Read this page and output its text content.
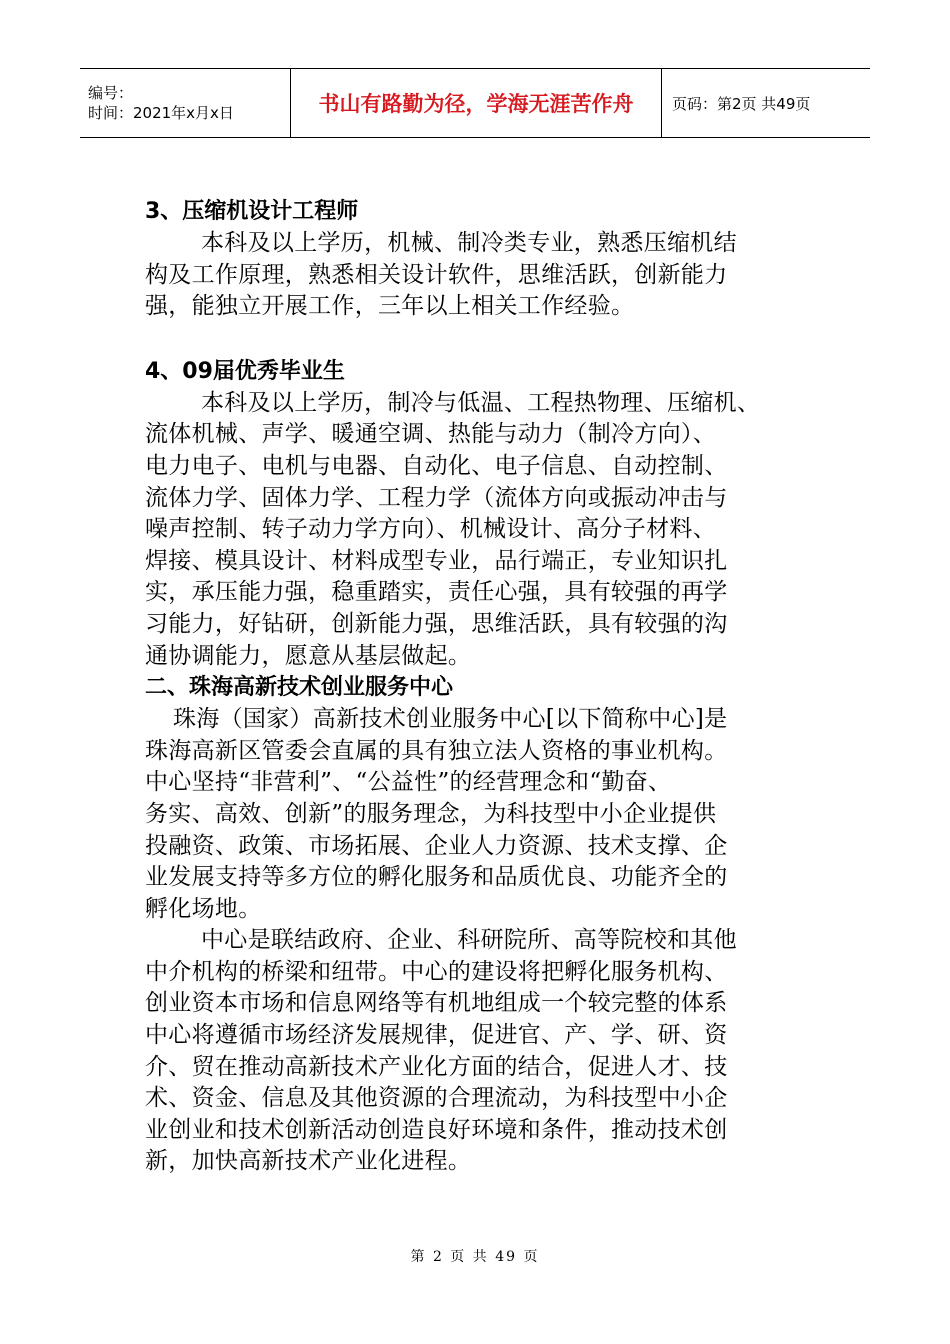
编号：
时间：2021年x月x日	书山有路勤为径，学海无涯苦作舟	页码：第2页 共49页

3、压缩机设计工程师

本科及以上学历，机械、制冷类专业，熟悉压缩机结
构及工作原理，熟悉相关设计软件，思维活跃，创新能力
强，能独立开展工作，三年以上相关工作经验。

4、09届优秀毕业生

本科及以上学历，制冷与低温、工程热物理、压缩机、
流体机械、声学、暖通空调、热能与动力（制冷方向）、
电力电子、电机与电器、自动化、电子信息、自动控制、
流体力学、固体力学、工程力学（流体方向或振动冲击与
噪声控制、转子动力学方向）、机械设计、高分子材料、
焊接、模具设计、材料成型专业，品行端正，专业知识扎
实，承压能力强，稳重踏实，责任心强，具有较强的再学
习能力，好钻研，创新能力强，思维活跃，具有较强的沟
通协调能力，愿意从基层做起。

二、珠海高新技术创业服务中心

珠海（国家）高新技术创业服务中心[以下简称中心]是
珠海高新区管委会直属的具有独立法人资格的事业机构。
中心坚持“非营利”、“公益性”的经营理念和“勤奋、
务实、高效、创新”的服务理念，为科技型中小企业提供
投融资、政策、市场拓展、企业人力资源、技术支撑、企
业发展支持等多方位的孵化服务和品质优良、功能齐全的
孵化场地。

中心是联结政府、企业、科研院所、高等院校和其他
中介机构的桥梁和纽带。中心的建设将把孵化服务机构、
创业资本市场和信息网络等有机地组成一个较完整的体系
中心将遵循市场经济发展规律，促进官、产、学、研、资
介、贸在推动高新技术产业化方面的结合，促进人才、技
术、资金、信息及其他资源的合理流动，为科技型中小企
业创业和技术创新活动创造良好环境和条件，推动技术创
新，加快高新技术产业化进程。

第 2 页 共 49 页
